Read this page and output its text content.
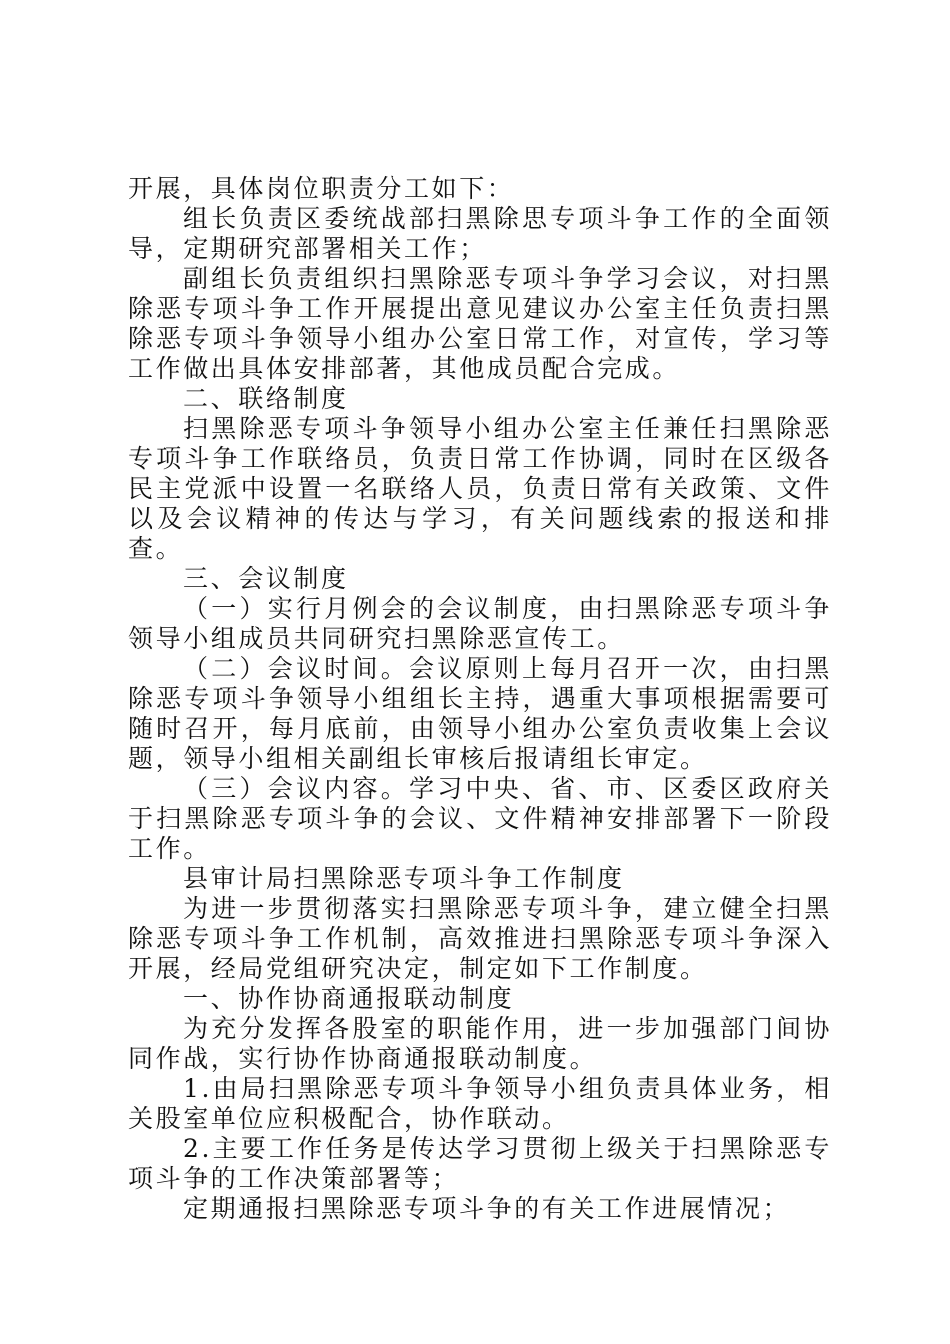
开展，具体岗位职责分工如下：

组长负责区委统战部扫黑除思专项斗争工作的全面领导，定期研究部署相关工作；

副组长负责组织扫黑除恶专项斗争学习会议，对扫黑除恶专项斗争工作开展提出意见建议办公室主任负责扫黑除恶专项斗争领导小组办公室日常工作，对宣传，学习等工作做出具体安排部著，其他成员配合完成。

二、联络制度

扫黑除恶专项斗争领导小组办公室主任兼任扫黑除恶专项斗争工作联络员，负责日常工作协调，同时在区级各民主党派中设置一名联络人员，负责日常有关政策、文件以及会议精神的传达与学习，有关问题线索的报送和排查。

三、会议制度

（一）实行月例会的会议制度，由扫黑除恶专项斗争领导小组成员共同研究扫黑除恶宣传工。

（二）会议时间。会议原则上每月召开一次，由扫黑除恶专项斗争领导小组组长主持，遇重大事项根据需要可随时召开，每月底前，由领导小组办公室负责收集上会议题，领导小组相关副组长审核后报请组长审定。

（三）会议内容。学习中央、省、市、区委区政府关于扫黑除恶专项斗争的会议、文件精神安排部署下一阶段工作。

县审计局扫黑除恶专项斗争工作制度

为进一步贯彻落实扫黑除恶专项斗争，建立健全扫黑除恶专项斗争工作机制，高效推进扫黑除恶专项斗争深入开展，经局党组研究决定，制定如下工作制度。

一、协作协商通报联动制度

为充分发挥各股室的职能作用，进一步加强部门间协同作战，实行协作协商通报联动制度。

1.由局扫黑除恶专项斗争领导小组负责具体业务，相关股室单位应积极配合，协作联动。

2.主要工作任务是传达学习贯彻上级关于扫黑除恶专项斗争的工作决策部署等；

定期通报扫黑除恶专项斗争的有关工作进展情况；
